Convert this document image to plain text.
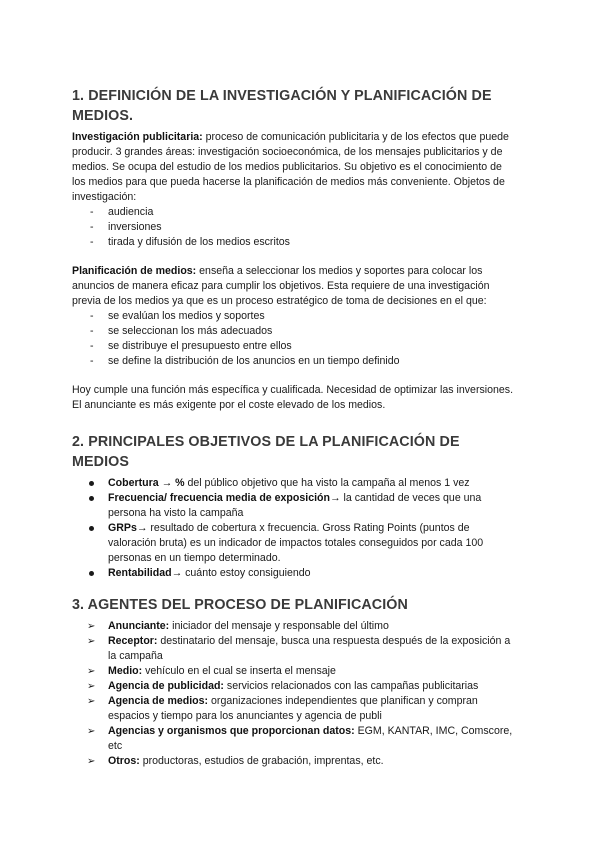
1. DEFINICIÓN DE LA INVESTIGACIÓN Y PLANIFICACIÓN DE MEDIOS.

Investigación publicitaria: proceso de comunicación publicitaria y de los efectos que puede producir. 3 grandes áreas: investigación socioeconómica, de los mensajes publicitarios y de medios. Se ocupa del estudio de los medios publicitarios. Su objetivo es el conocimiento de los medios para que pueda hacerse la planificación de medios más conveniente. Objetos de investigación:

- audiencia
- inversiones
- tirada y difusión de los medios escritos

Planificación de medios: enseña a seleccionar los medios y soportes para colocar los anuncios de manera eficaz para cumplir los objetivos. Esta requiere de una investigación previa de los medios ya que es un proceso estratégico de toma de decisiones en el que:

- se evalúan los medios y soportes
- se seleccionan los más adecuados
- se distribuye el presupuesto entre ellos
- se define la distribución de los anuncios en un tiempo definido

Hoy cumple una función más específica y cualificada. Necesidad de optimizar las inversiones. El anunciante es más exigente por el coste elevado de los medios.

2. PRINCIPALES OBJETIVOS DE LA PLANIFICACIÓN DE MEDIOS
Cobertura → % del público objetivo que ha visto la campaña al menos 1 vez
Frecuencia/ frecuencia media de exposición→ la cantidad de veces que una persona ha visto la campaña
GRPs→ resultado de cobertura x frecuencia. Gross Rating Points (puntos de valoración bruta) es un indicador de impactos totales conseguidos por cada 100 personas en un tiempo determinado.
Rentabilidad→ cuánto estoy consiguiendo
3. AGENTES DEL PROCESO DE PLANIFICACIÓN
➢ Anunciante: iniciador del mensaje y responsable del último
➢ Receptor: destinatario del mensaje, busca una respuesta después de la exposición a la campaña
➢ Medio: vehículo en el cual se inserta el mensaje
➢ Agencia de publicidad: servicios relacionados con las campañas publicitarias
➢ Agencia de medios: organizaciones independientes que planifican y compran espacios y tiempo para los anunciantes y agencia de publi
➢ Agencias y organismos que proporcionan datos: EGM, KANTAR, IMC, Comscore, etc
➢ Otros: productoras, estudios de grabación, imprentas, etc.
